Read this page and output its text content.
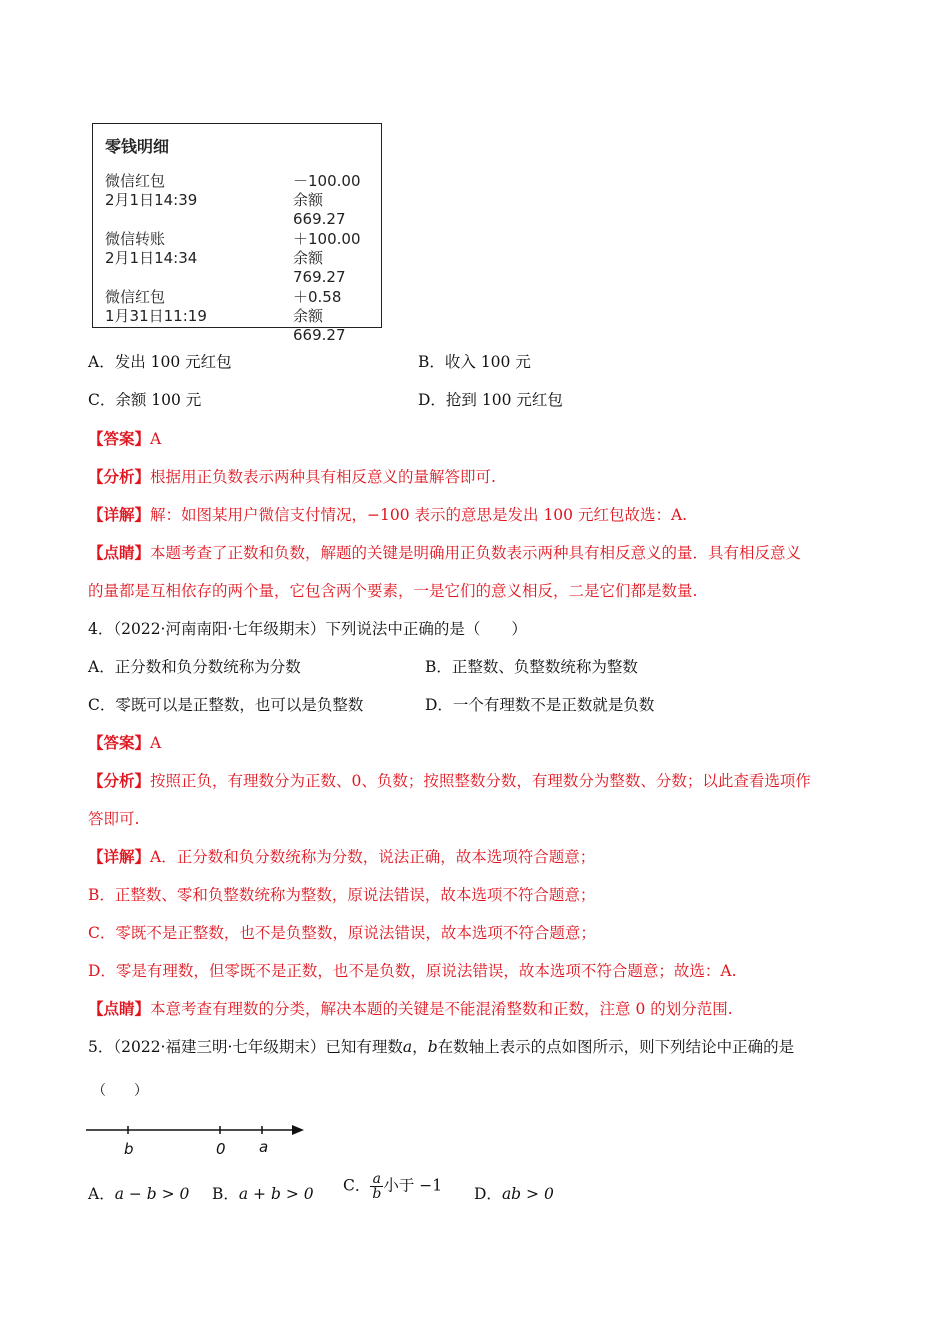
零钱明细
微信红包	－100.00
2月1日14:39	余额669.27
微信转账	＋100.00
2月1日14:34	余额769.27
微信红包	＋0.58
1月31日11:19	余额669.27
A．发出 100 元红包	B．收入 100 元
C．余额 100 元	D．抢到 100 元红包
【答案】A
【分析】根据用正负数表示两种具有相反意义的量解答即可.
【详解】解：如图某用户微信支付情况，−100 表示的意思是发出 100 元红包故选：A.
【点睛】本题考查了正数和负数，解题的关键是明确用正负数表示两种具有相反意义的量．具有相反意义
的量都是互相依存的两个量，它包含两个要素，一是它们的意义相反，二是它们都是数量.
4．（2022·河南南阳·七年级期末）下列说法中正确的是（　　）
A．正分数和负分数统称为分数	B．正整数、负整数统称为整数
C．零既可以是正整数，也可以是负整数	D．一个有理数不是正数就是负数
【答案】A
【分析】按照正负，有理数分为正数、0、负数；按照整数分数，有理数分为整数、分数；以此查看选项作
答即可.
【详解】A．正分数和负分数统称为分数，说法正确，故本选项符合题意；
B．正整数、零和负整数统称为整数，原说法错误，故本选项不符合题意；
C．零既不是正整数，也不是负整数，原说法错误，故本选项不符合题意；
D．零是有理数，但零既不是正数，也不是负数，原说法错误，故本选项不符合题意；故选：A.
【点睛】本意考查有理数的分类，解决本题的关键是不能混淆整数和正数，注意 0 的划分范围.
5．（2022·福建三明·七年级期末）已知有理数a，b在数轴上表示的点如图所示，则下列结论中正确的是
（　　）
b	0 a
A．a − b > 0 B．a + b > 0 C． $\frac{a}{b}$ 小于 −1 D．ab > 0
